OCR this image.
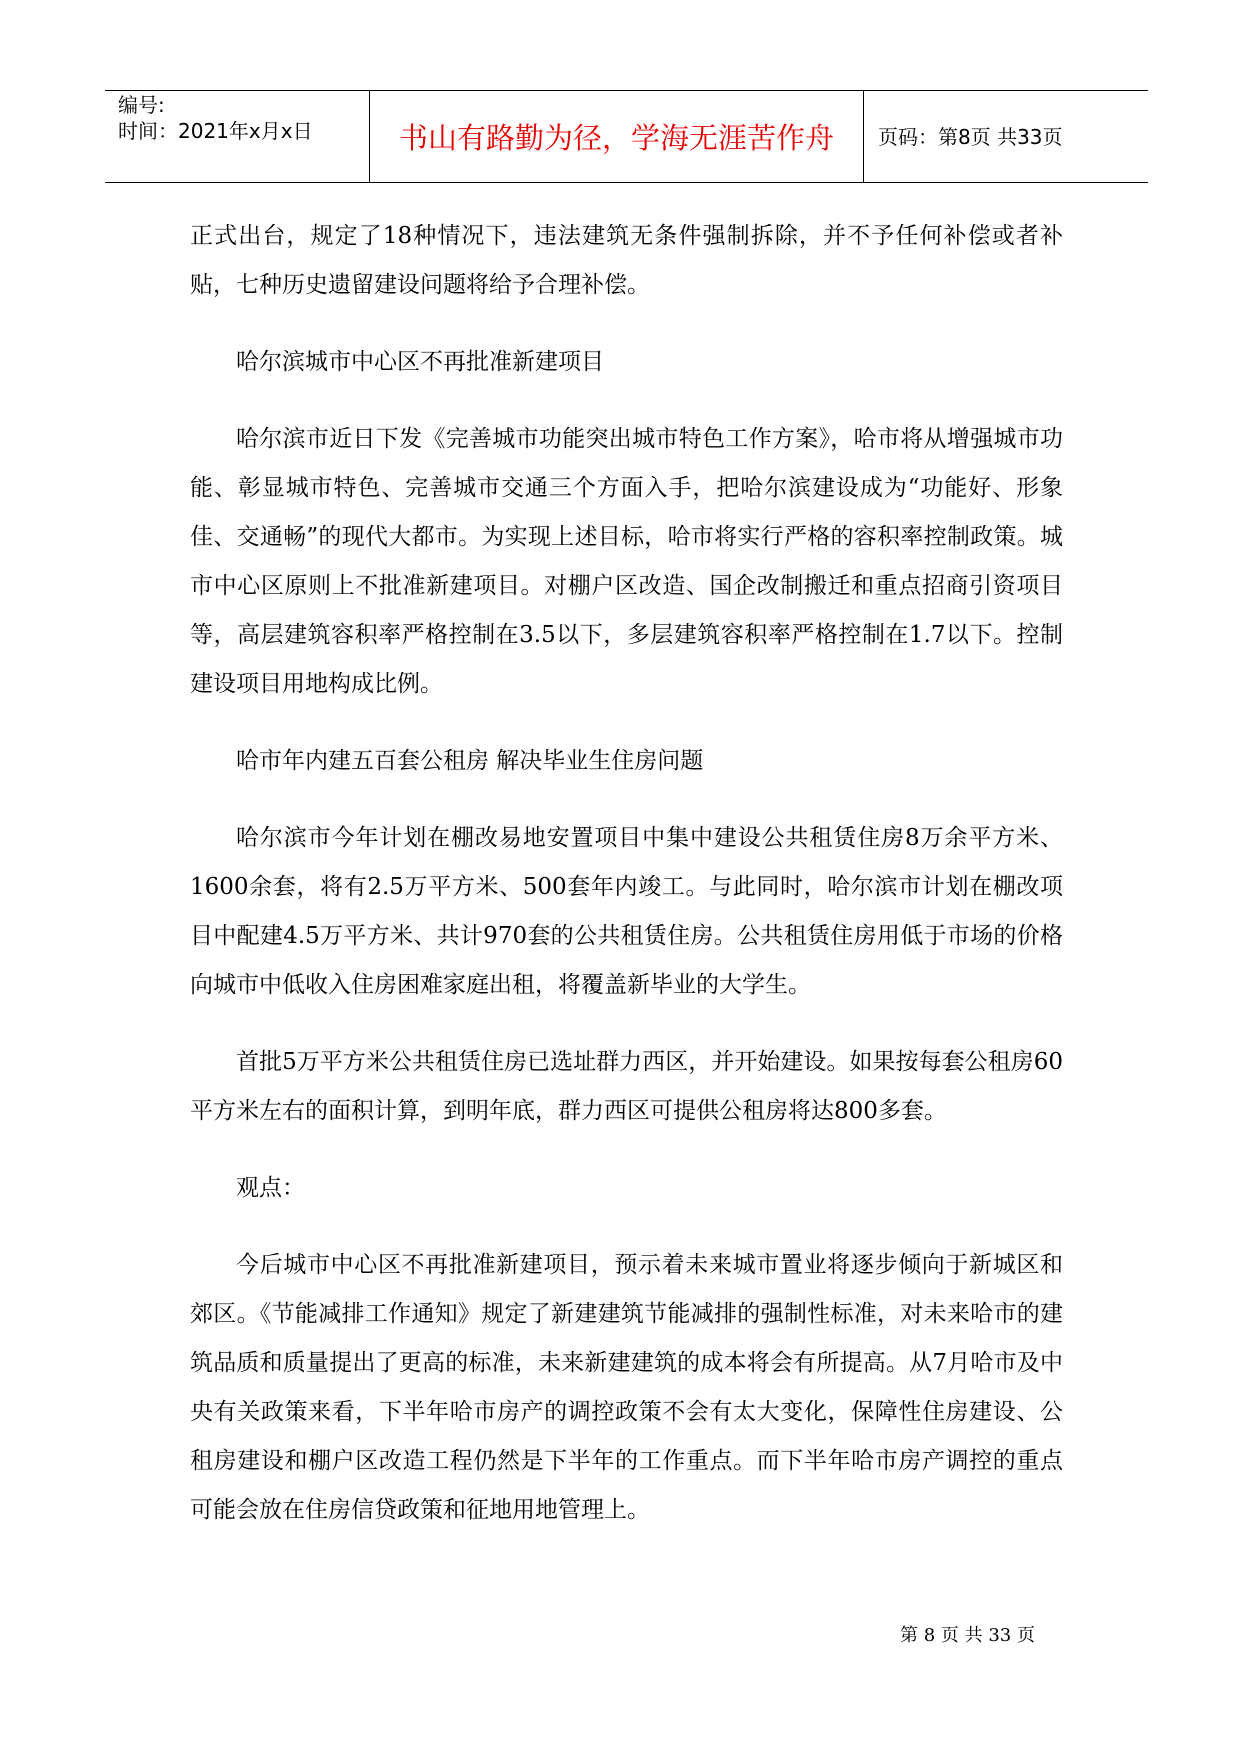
编号:
时间：2021年x月x日	书山有路勤为径，学海无涯苦作舟	页码：第8页 共33页

正式出台，规定了18种情况下，违法建筑无条件强制拆除，并不予任何补偿或者补贴，七种历史遗留建设问题将给予合理补偿。

哈尔滨城市中心区不再批准新建项目

哈尔滨市近日下发《完善城市功能突出城市特色工作方案》，哈市将从增强城市功能、彰显城市特色、完善城市交通三个方面入手，把哈尔滨建设成为“功能好、形象佳、交通畅”的现代大都市。为实现上述目标，哈市将实行严格的容积率控制政策。城市中心区原则上不批准新建项目。对棚户区改造、国企改制搬迁和重点招商引资项目等，高层建筑容积率严格控制在3.5以下，多层建筑容积率严格控制在1.7以下。控制建设项目用地构成比例。

哈市年内建五百套公租房 解决毕业生住房问题

哈尔滨市今年计划在棚改易地安置项目中集中建设公共租赁住房8万余平方米、1600余套，将有2.5万平方米、500套年内竣工。与此同时，哈尔滨市计划在棚改项目中配建4.5万平方米、共计970套的公共租赁住房。公共租赁住房用低于市场的价格向城市中低收入住房困难家庭出租，将覆盖新毕业的大学生。

首批5万平方米公共租赁住房已选址群力西区，并开始建设。如果按每套公租房60平方米左右的面积计算，到明年底，群力西区可提供公租房将达800多套。

观点：

今后城市中心区不再批准新建项目，预示着未来城市置业将逐步倾向于新城区和郊区。《节能减排工作通知》规定了新建建筑节能减排的强制性标准，对未来哈市的建筑品质和质量提出了更高的标准，未来新建建筑的成本将会有所提高。从7月哈市及中央有关政策来看，下半年哈市房产的调控政策不会有太大变化，保障性住房建设、公租房建设和棚户区改造工程仍然是下半年的工作重点。而下半年哈市房产调控的重点可能会放在住房信贷政策和征地用地管理上。

第 8 页 共 33 页
